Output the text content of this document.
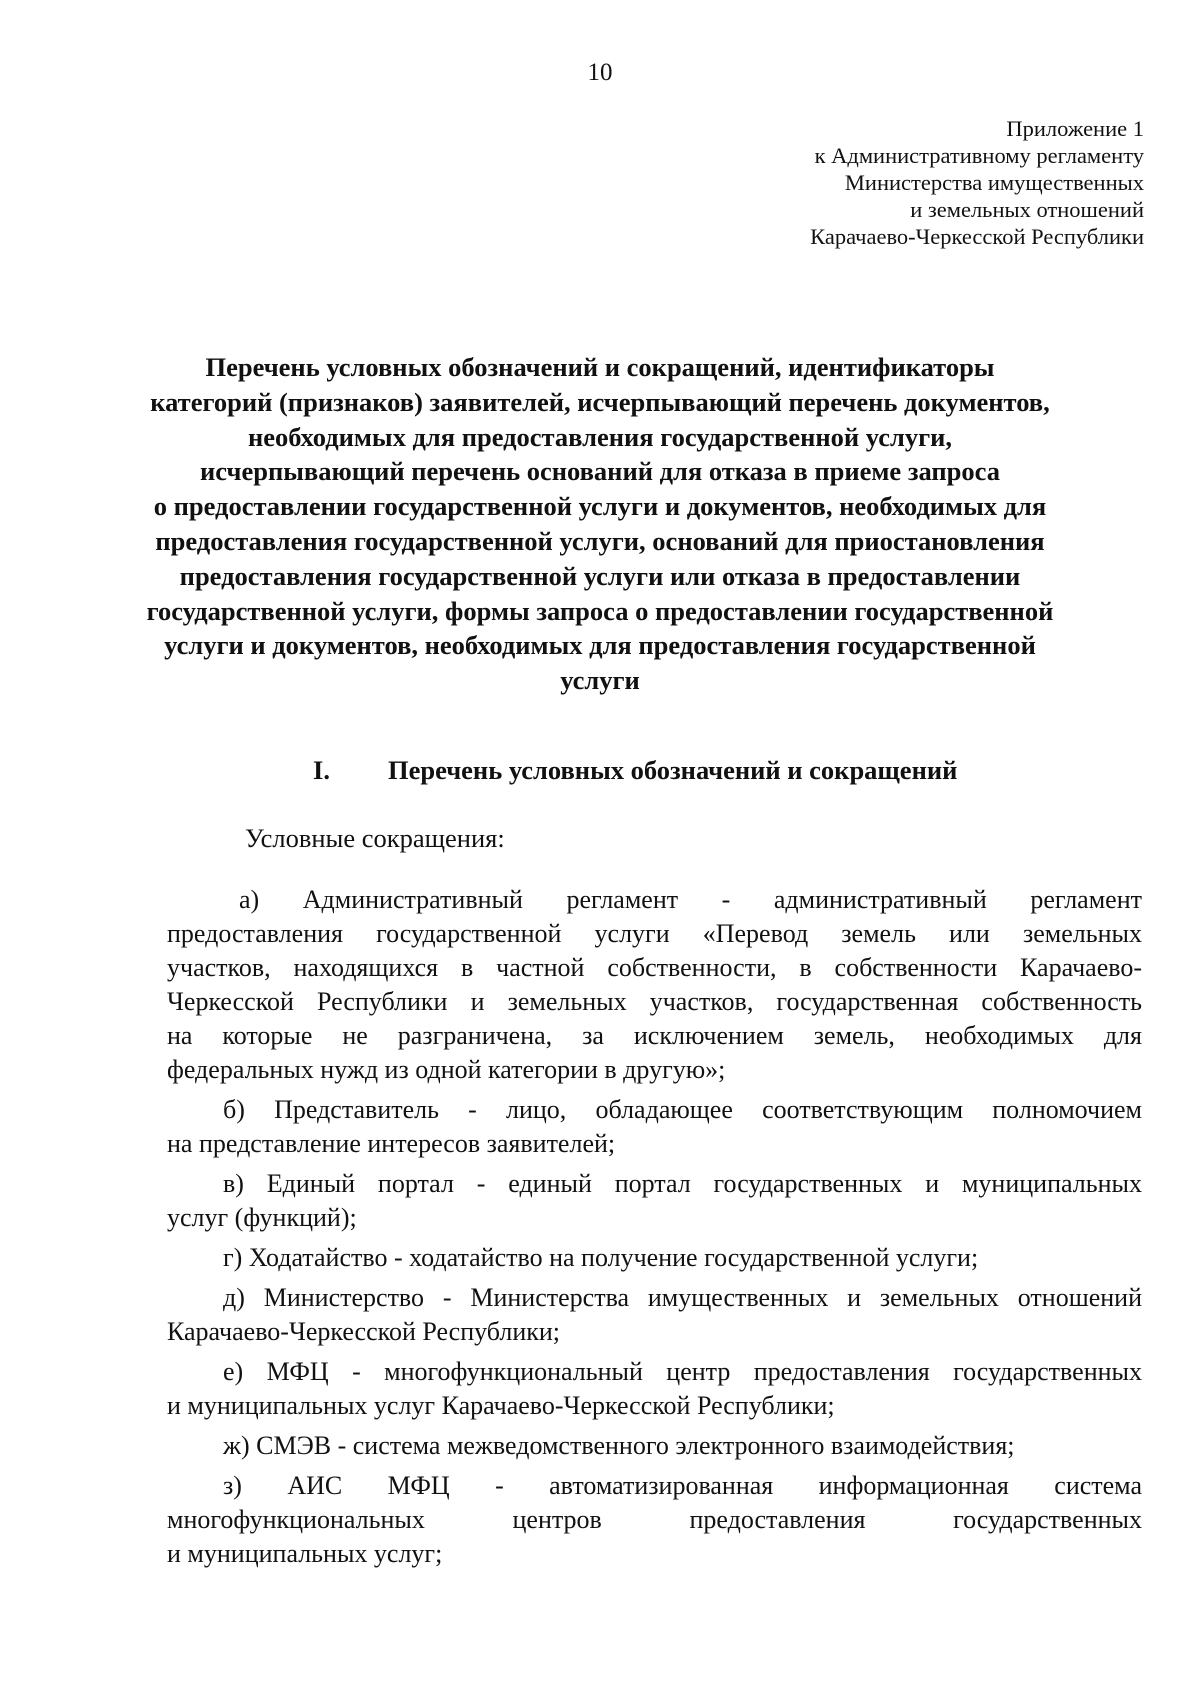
10
Приложение 1
к Административному регламенту
Министерства имущественных
и земельных отношений
Карачаево-Черкесской Республики
Перечень условных обозначений и сокращений, идентификаторы
категорий (признаков) заявителей, исчерпывающий перечень документов,
необходимых для предоставления государственной услуги,
исчерпывающий перечень оснований для отказа в приеме запроса
о предоставлении государственной услуги и документов, необходимых для
предоставления государственной услуги, оснований для приостановления
предоставления государственной услуги или отказа в предоставлении
государственной услуги, формы запроса о предоставлении государственной
услуги и документов, необходимых для предоставления государственной
услуги
I. Перечень условных обозначений и сокращений
Условные сокращения:
а) Административный регламент - административный регламент
предоставления государственной услуги «Перевод земель или земельных
участков, находящихся в частной собственности, в собственности Карачаево-
Черкесской Республики и земельных участков, государственная собственность
на которые не разграничена, за исключением земель, необходимых для
федеральных нужд из одной категории в другую»;
б) Представитель - лицо, обладающее соответствующим полномочием
на представление интересов заявителей;
в) Единый портал - единый портал государственных и муниципальных
услуг (функций);
г) Ходатайство - ходатайство на получение государственной услуги;
д) Министерство - Министерства имущественных и земельных отношений
Карачаево-Черкесской Республики;
е) МФЦ - многофункциональный центр предоставления государственных
и муниципальных услуг Карачаево-Черкесской Республики;
ж) СМЭВ - система межведомственного электронного взаимодействия;
з) АИС МФЦ - автоматизированная информационная система
многофункциональных центров предоставления государственных
и муниципальных услуг;
